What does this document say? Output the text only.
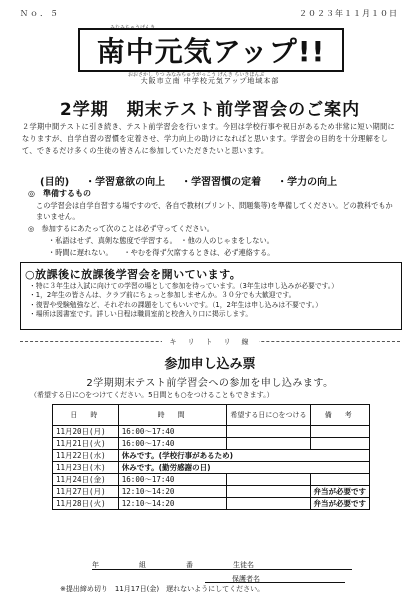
Ｎｏ．５	２０２３年１１月１０日
みなみちゅうげんき
南中元気アップ!!
おおさかし りつ みなみちゅうがっこう げんき ちいきほんぶ
大阪市立南 中学校元気アップ地域本部
2学期　期末テスト前学習会のご案内
２学期中間テストに引き続き、テスト前学習会を行います。今回は学校行事や祝日があるため非常に短い期間になりますが、自学自習の習慣を定着させ、学力向上の助けになればと思います。学習会の目的を十分理解をして、できるだけ多くの生徒の皆さんに参加していただきたいと思います。
(目的) ・学習意欲の向上 ・学習習慣の定着 ・学力の向上
◎　準備するもの
この学習会は自学自習する場ですので、各自で教材(プリント、問題集等)を準備してください。どの教科でもかまいません。
◎　参加するにあたって次のことは必ず守ってください。
・私語はせず、真剣な態度で学習する。　・他の人のじゃまをしない。
・時間に遅れない。　　・やむを得ず欠席するときは、必ず連絡する。
○放課後に放課後学習会を開いています。
・特に３年生は入試に向けての学習の場として参加を待っています。（3年生は申し込みが必要です。）
・1，2年生の皆さんは、クラブ前にちょっと参加しませんか。３０分でも大歓迎です。
・復習や受験勉強など、それぞれの課題をしてもいいです。（1，2年生は申し込みは不要です。）
・場所は図書室です。詳しい日程は職員室前と校舎入り口に掲示します。
キ　リ　ト　リ　線
参加申し込み票
2学期期末テスト前学習会への参加を申し込みます。
（希望する日に○をつけてください。5日間とも○をつけることもできます。）
日　時	時　間	希望する日に○をつける	備　考
11月20日(月)	16:00～17:40		
11月21日(火)	16:00～17:40		
11月22日(水)	休みです。(学校行事があるため)		
11月23日(木)	休みです。(勤労感謝の日)		
11月24日(金)	16:00～17:40		
11月27日(月)	12:10～14:20		弁当が必要です
11月28日(火)	12:10～14:20		弁当が必要です
年	組	番	生徒名
保護者名
※提出締め切り　11月17日(金)　遅れないようにしてください。
